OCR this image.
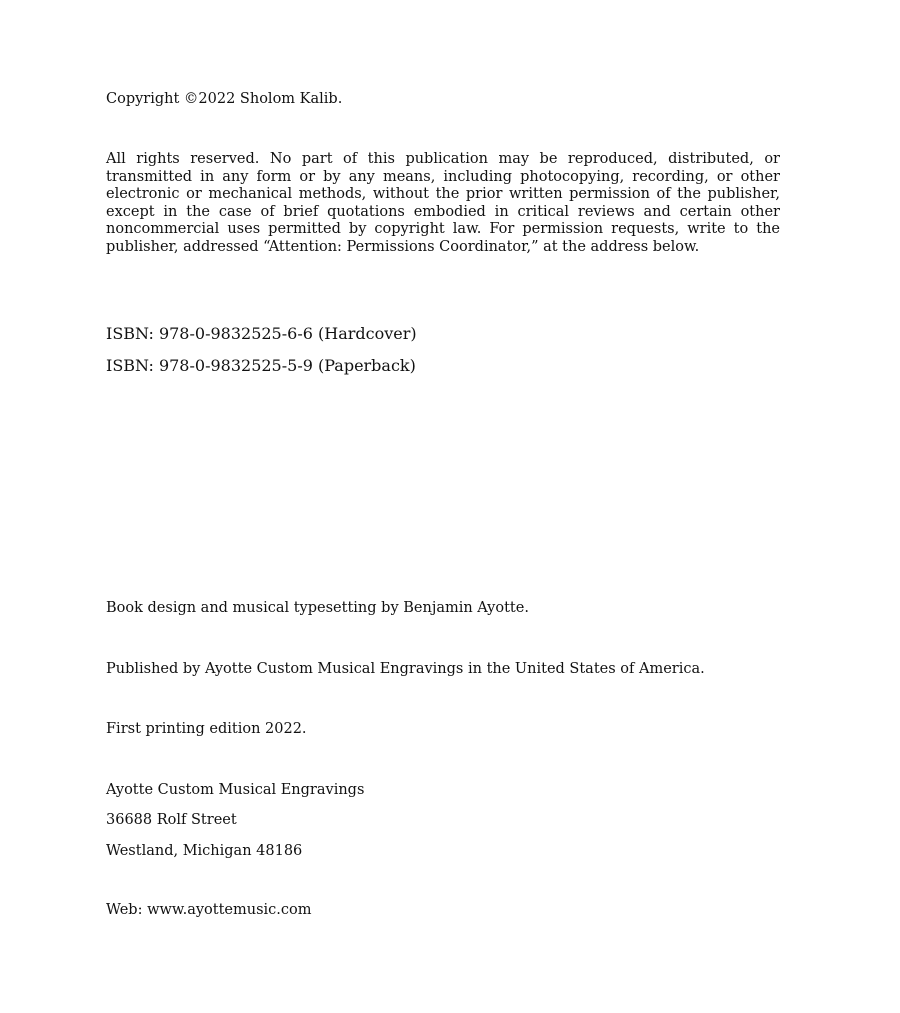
Copyright ©2022 Sholom Kalib.
All rights reserved. No part of this publication may be reproduced, distributed, or transmitted in any form or by any means, including photocopying, recording, or other electronic or mechanical methods, without the prior written permission of the publisher, except in the case of brief quotations embodied in critical reviews and certain other noncommercial uses permitted by copyright law. For permission requests, write to the publisher, addressed “Attention: Permissions Coordinator,” at the address below.
ISBN: 978-0-9832525-6-6 (Hardcover)
ISBN: 978-0-9832525-5-9 (Paperback)
Book design and musical typesetting by Benjamin Ayotte.
Published by Ayotte Custom Musical Engravings in the United States of America.
First printing edition 2022.
Ayotte Custom Musical Engravings
36688 Rolf Street
Westland, Michigan 48186
Web: www.ayottemusic.com
